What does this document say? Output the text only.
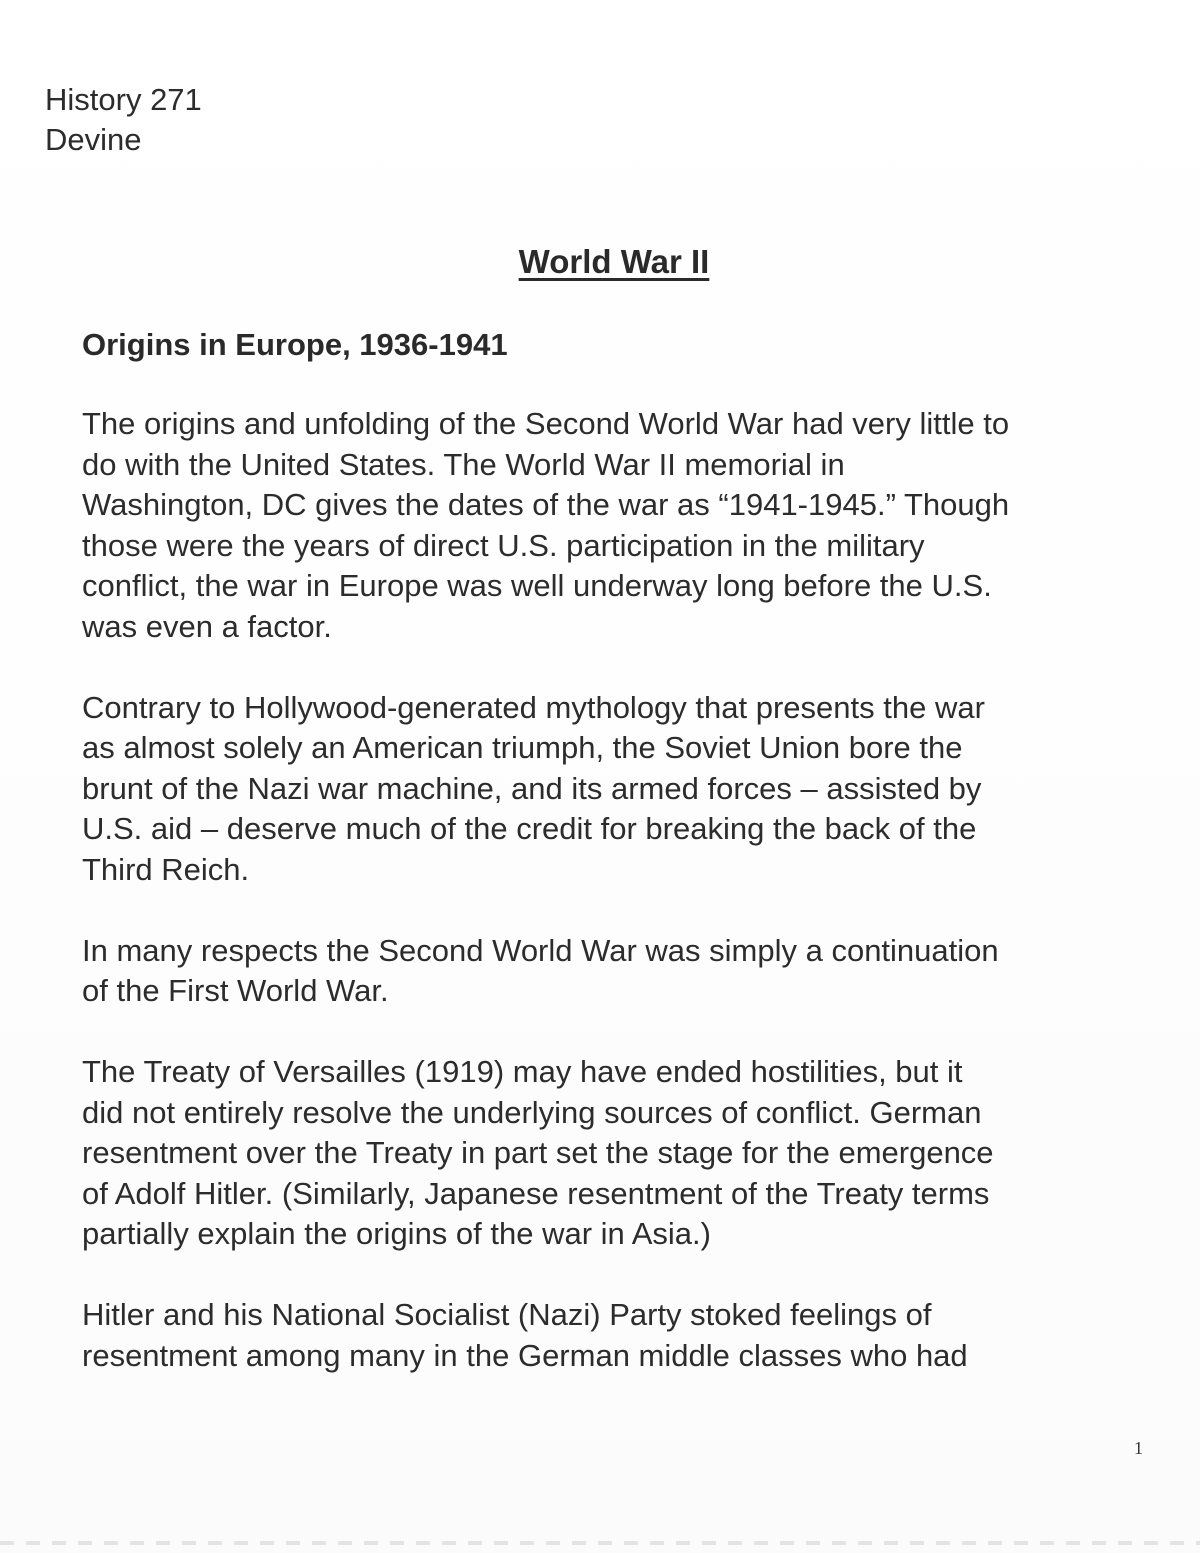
History 271
Devine
World War II
Origins in Europe, 1936-1941

The origins and unfolding of the Second World War had very little to
do with the United States. The World War II memorial in
Washington, DC gives the dates of the war as “1941-1945.” Though
those were the years of direct U.S. participation in the military
conflict, the war in Europe was well underway long before the U.S.
was even a factor.

Contrary to Hollywood-generated mythology that presents the war
as almost solely an American triumph, the Soviet Union bore the
brunt of the Nazi war machine, and its armed forces – assisted by
U.S. aid – deserve much of the credit for breaking the back of the
Third Reich.

In many respects the Second World War was simply a continuation
of the First World War.

The Treaty of Versailles (1919) may have ended hostilities, but it
did not entirely resolve the underlying sources of conflict. German
resentment over the Treaty in part set the stage for the emergence
of Adolf Hitler. (Similarly, Japanese resentment of the Treaty terms
partially explain the origins of the war in Asia.)

Hitler and his National Socialist (Nazi) Party stoked feelings of
resentment among many in the German middle classes who had

1
